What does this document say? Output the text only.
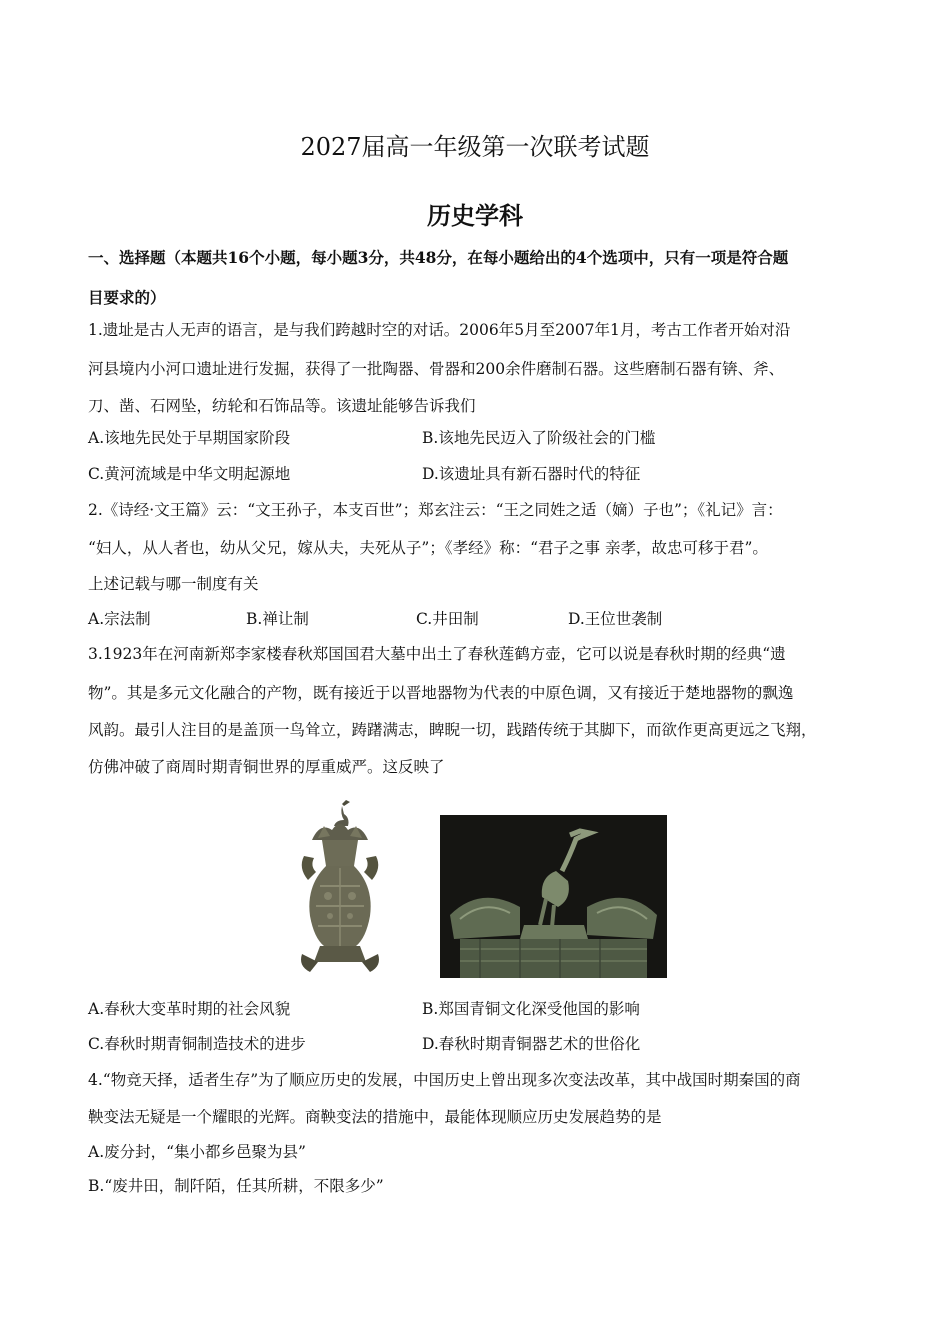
2027届高一年级第一次联考试题
历史学科
一、选择题（本题共16个小题，每小题3分，共48分，在每小题给出的4个选项中，只有一项是符合题
目要求的）
1.遗址是古人无声的语言，是与我们跨越时空的对话。2006年5月至2007年1月，考古工作者开始对沿
河县境内小河口遗址进行发掘，获得了一批陶器、骨器和200余件磨制石器。这些磨制石器有锛、斧、
刀、凿、石网坠，纺轮和石饰品等。该遗址能够告诉我们
A.该地先民处于早期国家阶段	B.该地先民迈入了阶级社会的门槛
C.黄河流域是中华文明起源地	D.该遗址具有新石器时代的特征
2.《诗经·文王篇》云：“文王孙子，本支百世”；郑玄注云：“王之同姓之适（嫡）子也”；《礼记》言：
“妇人，从人者也，幼从父兄，嫁从夫，夫死从子”；《孝经》称：“君子之事 亲孝，故忠可移于君”。
上述记载与哪一制度有关
A.宗法制	B.禅让制	C.井田制	D.王位世袭制
3.1923年在河南新郑李家楼春秋郑国国君大墓中出土了春秋莲鹤方壶，它可以说是春秋时期的经典“遗
物”。其是多元文化融合的产物，既有接近于以晋地器物为代表的中原色调，又有接近于楚地器物的飘逸
风韵。最引人注目的是盖顶一鸟耸立，踌躇满志，睥睨一切，践踏传统于其脚下，而欲作更高更远之飞翔，
仿佛冲破了商周时期青铜世界的厚重威严。这反映了
A.春秋大变革时期的社会风貌	B.郑国青铜文化深受他国的影响
C.春秋时期青铜制造技术的进步	D.春秋时期青铜器艺术的世俗化
4.“物竞天择，适者生存”为了顺应历史的发展，中国历史上曾出现多次变法改革，其中战国时期秦国的商
鞅变法无疑是一个耀眼的光辉。商鞅变法的措施中，最能体现顺应历史发展趋势的是
A.废分封，“集小都乡邑聚为县”
B.“废井田，制阡陌，任其所耕，不限多少”
